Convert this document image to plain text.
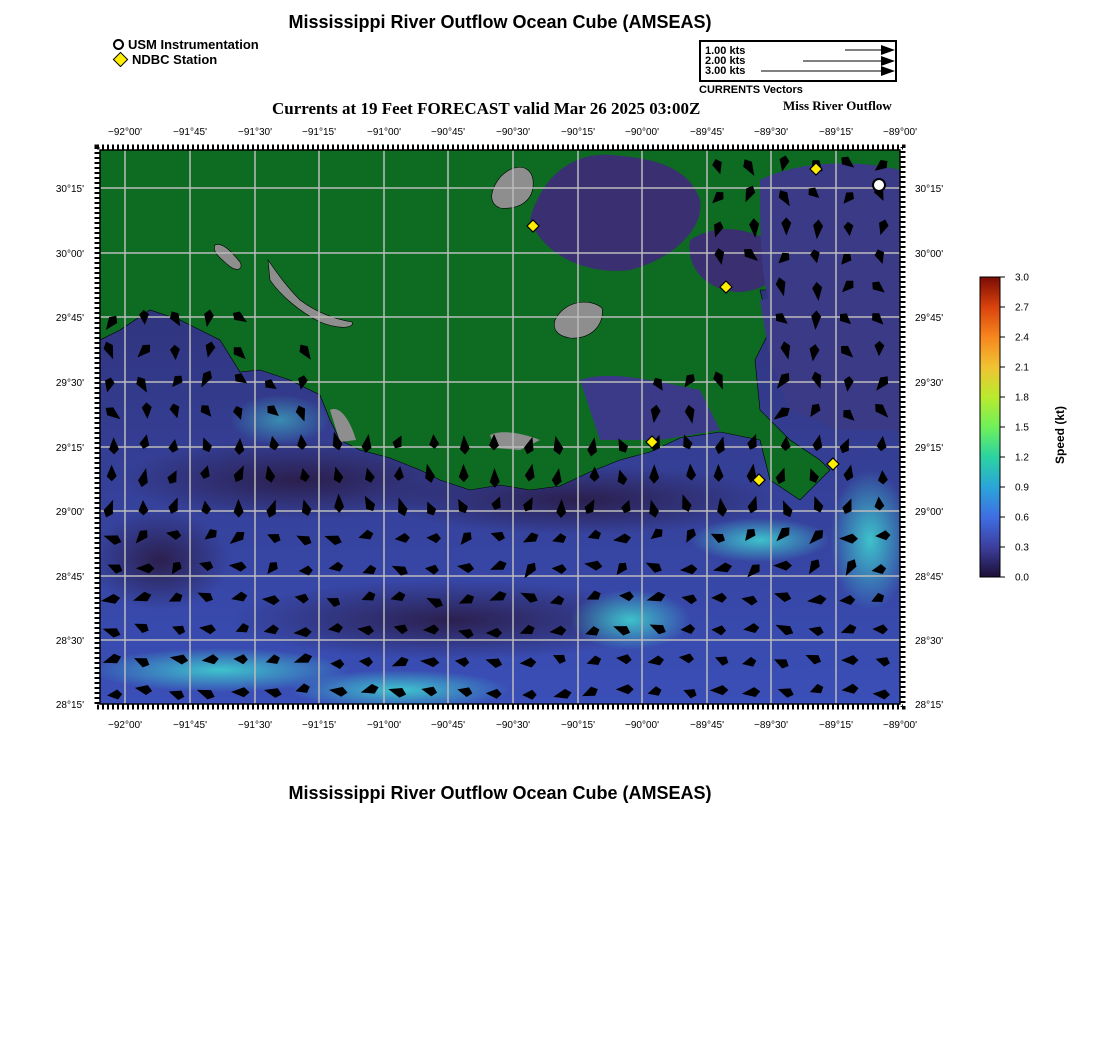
Mississippi River Outflow Ocean Cube (AMSEAS)
USM Instrumentation
NDBC Station
1.00 kts
2.00 kts
3.00 kts
CURRENTS Vectors
Currents at 19 Feet FORECAST valid Mar 26 2025 03:00Z	Miss River Outflow
−92°00'	−91°45'	−91°30'	−91°15'	−91°00'	−90°45'	−90°30'	−90°15'	−90°00'	−89°45'	−89°30'	−89°15'	−89°00'
−92°00'	−91°45'	−91°30'	−91°15'	−91°00'	−90°45'	−90°30'	−90°15'	−90°00'	−89°45'	−89°30'	−89°15'	−89°00'
30°15'
30°00'
29°45'
29°30'
29°15'
29°00'
28°45'
28°30'
28°15'
30°15'
30°00'
29°45'
29°30'
29°15'
29°00'
28°45'
28°30'
28°15'
3.0
2.7
2.4
2.1
1.8
1.5
1.2
0.9
0.6
0.3
0.0
Speed (kt)
Mississippi River Outflow Ocean Cube (AMSEAS)
